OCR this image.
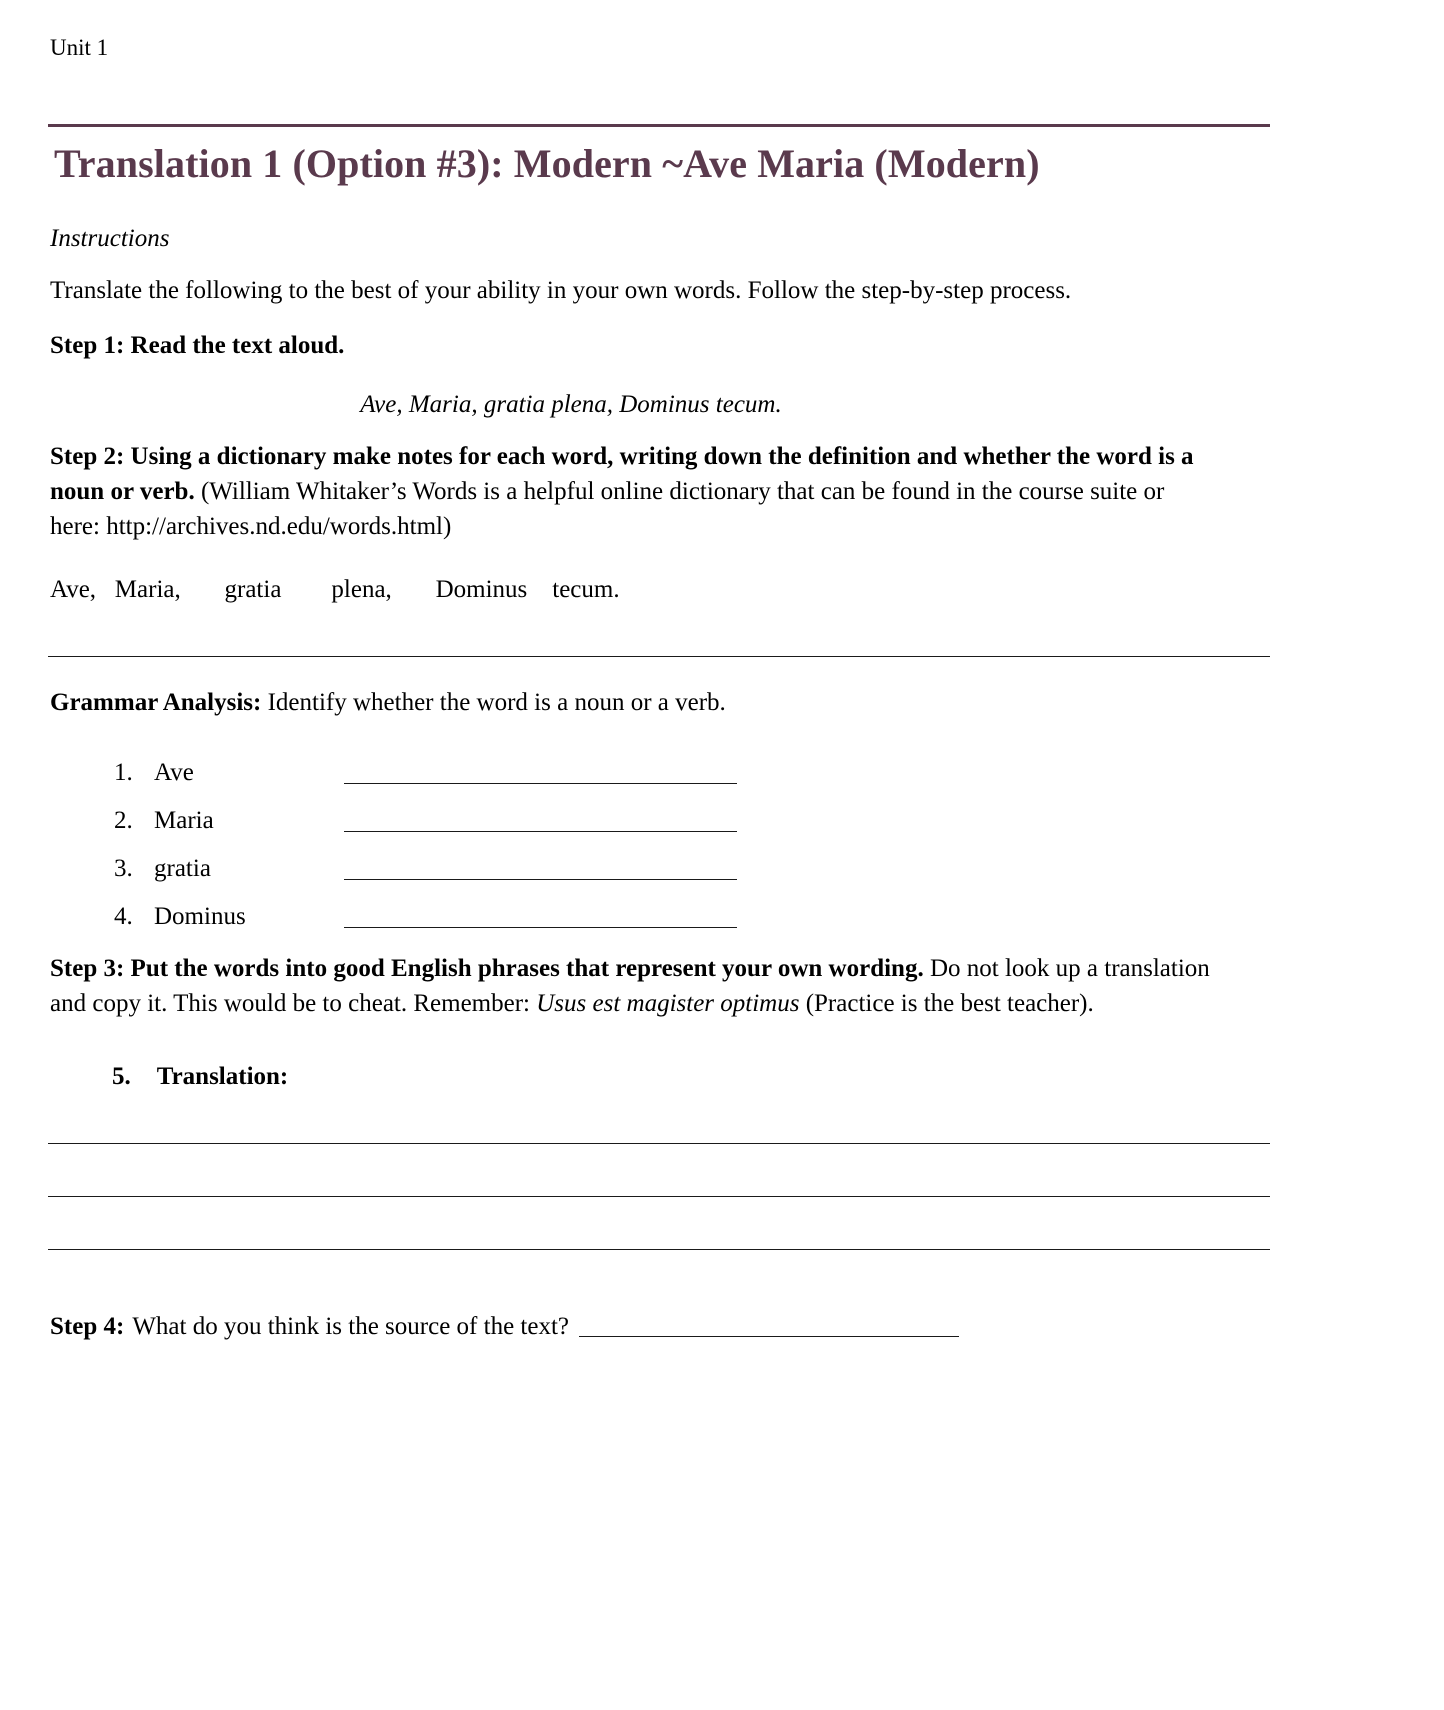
Unit 1
Translation 1 (Option #3): Modern ~Ave Maria (Modern)
Instructions

Translate the following to the best of your ability in your own words. Follow the step-by-step process.

Step 1: Read the text aloud.

Ave, Maria, gratia plena, Dominus tecum.

Step 2: Using a dictionary make notes for each word, writing down the definition and whether the word is a noun or verb. (William Whitaker’s Words is a helpful online dictionary that can be found in the course suite or here: http://archives.nd.edu/words.html)

Ave, Maria, gratia plena, Dominus tecum.
Grammar Analysis: Identify whether the word is a noun or a verb.
1. Ave
2. Maria
3. gratia
4. Dominus

Step 3: Put the words into good English phrases that represent your own wording. Do not look up a translation and copy it. This would be to cheat. Remember: Usus est magister optimus (Practice is the best teacher).

5. Translation:
Step 4: What do you think is the source of the text?
